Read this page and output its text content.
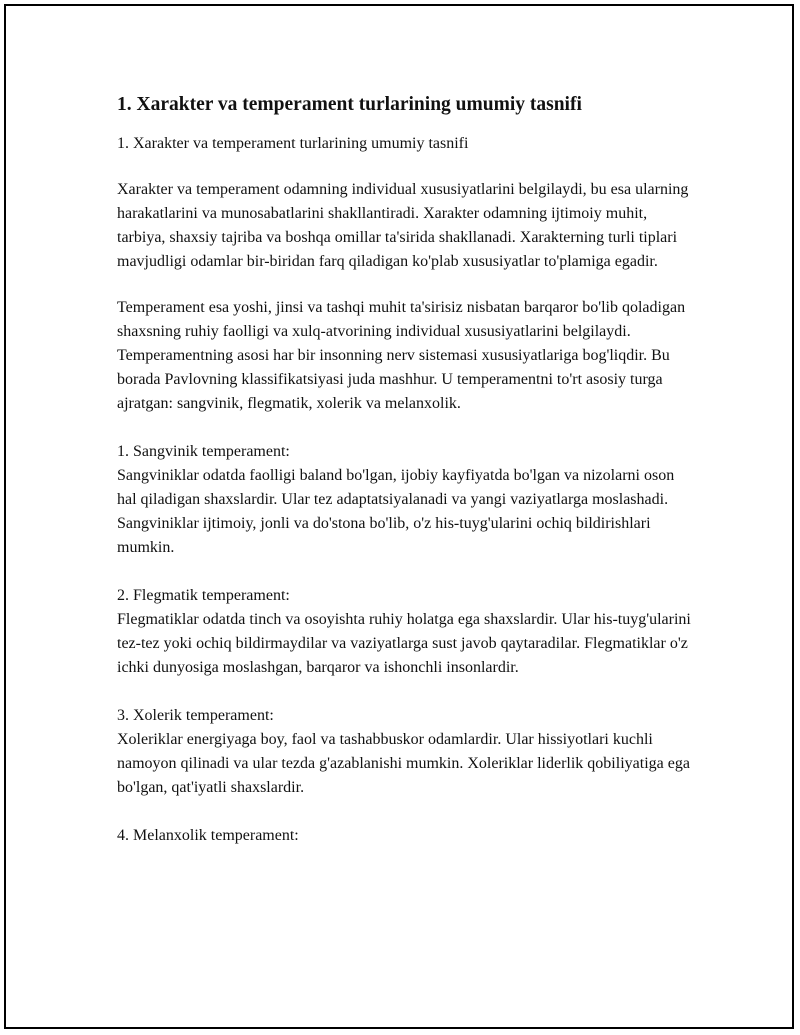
1. Xarakter va temperament turlarining umumiy tasnifi

1. Xarakter va temperament turlarining umumiy tasnifi

Xarakter va temperament odamning individual xususiyatlarini belgilaydi, bu esa ularning harakatlarini va munosabatlarini shakllantiradi. Xarakter odamning ijtimoiy muhit, tarbiya, shaxsiy tajriba va boshqa omillar ta'sirida shakllanadi. Xarakterning turli tiplari mavjudligi odamlar bir-biridan farq qiladigan ko'plab xususiyatlar to'plamiga egadir.

Temperament esa yoshi, jinsi va tashqi muhit ta'sirisiz nisbatan barqaror bo'lib qoladigan shaxsning ruhiy faolligi va xulq-atvorining individual xususiyatlarini belgilaydi. Temperamentning asosi har bir insonning nerv sistemasi xususiyatlariga bog'liqdir. Bu borada Pavlovning klassifikatsiyasi juda mashhur. U temperamentni to'rt asosiy turga ajratgan: sangvinik, flegmatik, xolerik va melanxolik.

1. Sangvinik temperament:

Sangviniklar odatda faolligi baland bo'lgan, ijobiy kayfiyatda bo'lgan va nizolarni oson hal qiladigan shaxslardir. Ular tez adaptatsiyalanadi va yangi vaziyatlarga moslashadi. Sangviniklar ijtimoiy, jonli va do'stona bo'lib, o'z his-tuyg'ularini ochiq bildirishlari mumkin.

2. Flegmatik temperament:

Flegmatiklar odatda tinch va osoyishta ruhiy holatga ega shaxslardir. Ular his-tuyg'ularini tez-tez yoki ochiq bildirmaydilar va vaziyatlarga sust javob qaytaradilar. Flegmatiklar o'z ichki dunyosiga moslashgan, barqaror va ishonchli insonlardir.

3. Xolerik temperament:

Xoleriklar energiyaga boy, faol va tashabbuskor odamlardir. Ular hissiyotlari kuchli namoyon qilinadi va ular tezda g'azablanishi mumkin. Xoleriklar liderlik qobiliyatiga ega bo'lgan, qat'iyatli shaxslardir.

4. Melanxolik temperament:
